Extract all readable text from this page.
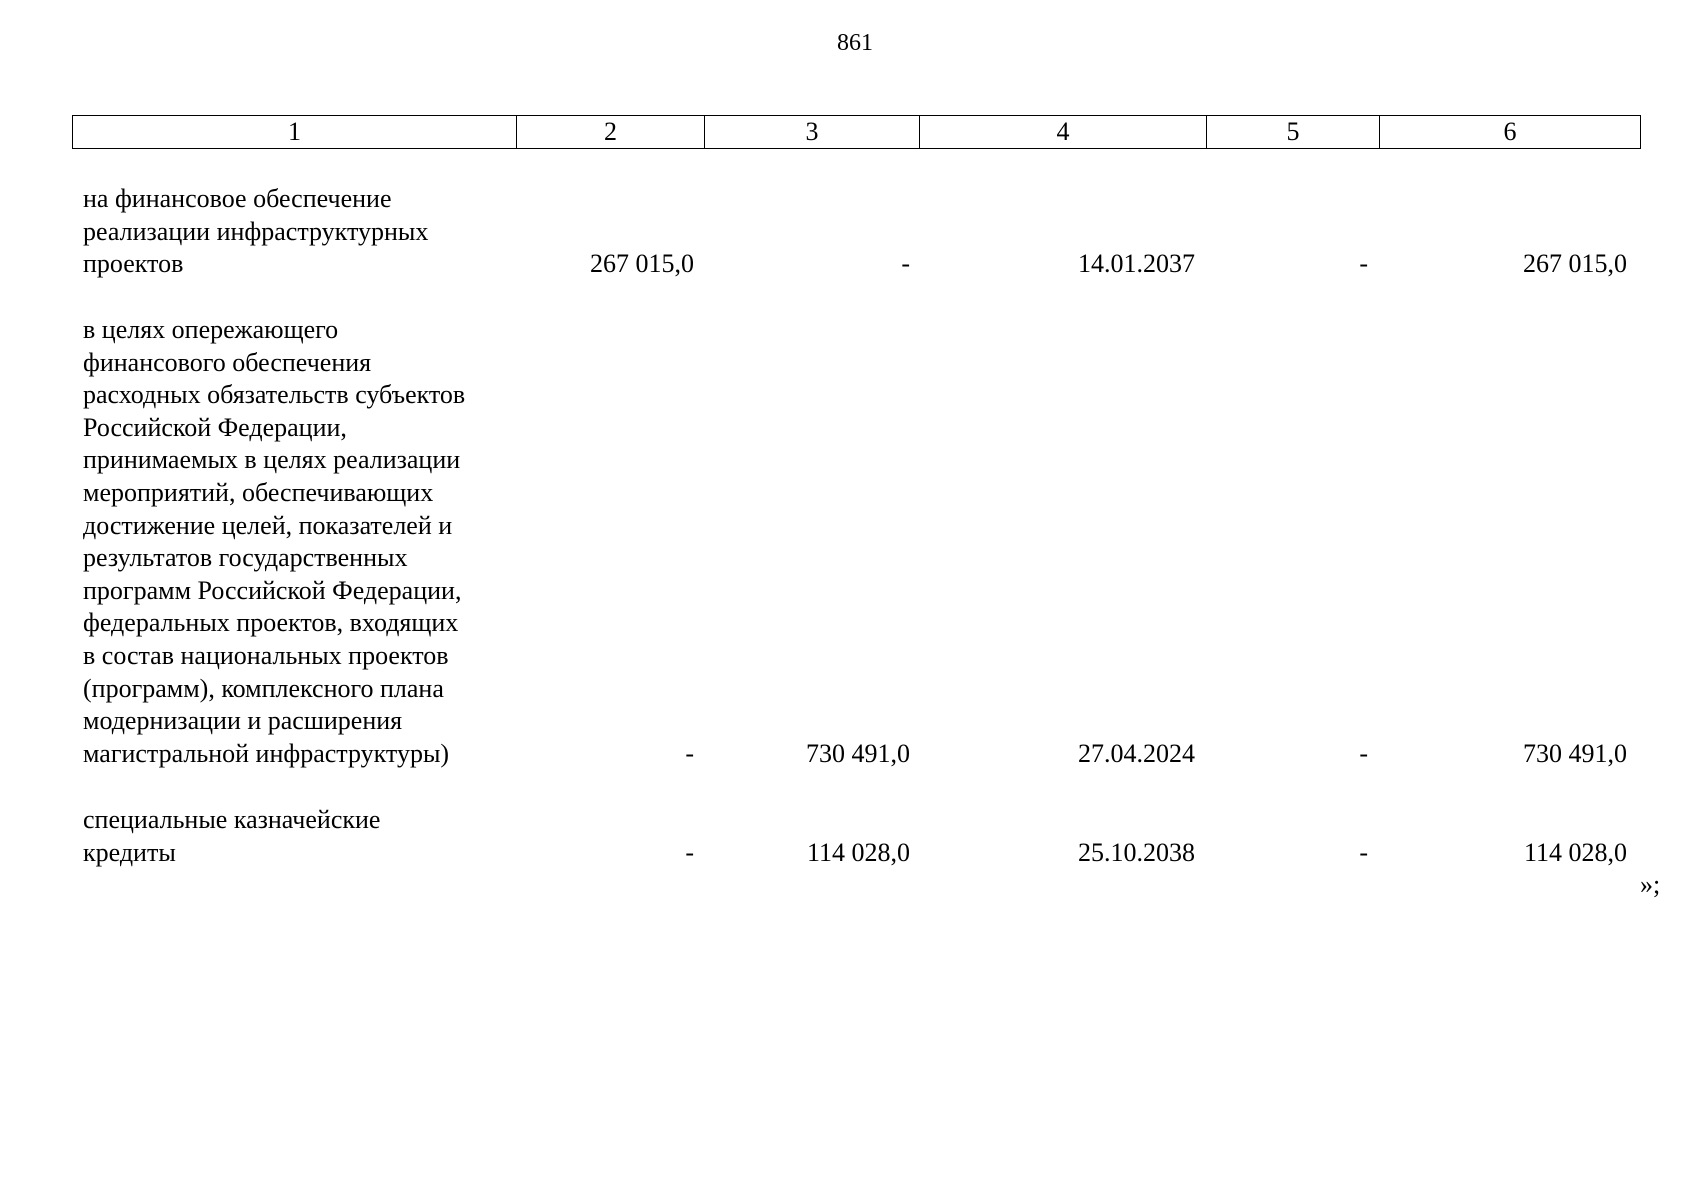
861
1	2	3	4	5	6
на финансовое обеспечение
реализации инфраструктурных
проектов	267 015,0	-	14.01.2037	-	267 015,0
в целях опережающего
финансового обеспечения
расходных обязательств субъектов
Российской Федерации,
принимаемых в целях реализации
мероприятий, обеспечивающих
достижение целей, показателей и
результатов государственных
программ Российской Федерации,
федеральных проектов, входящих
в состав национальных проектов
(программ), комплексного плана
модернизации и расширения
магистральной инфраструктуры)	-	730 491,0	27.04.2024	-	730 491,0
специальные казначейские
кредиты	-	114 028,0	25.10.2038	-	114 028,0
»;
